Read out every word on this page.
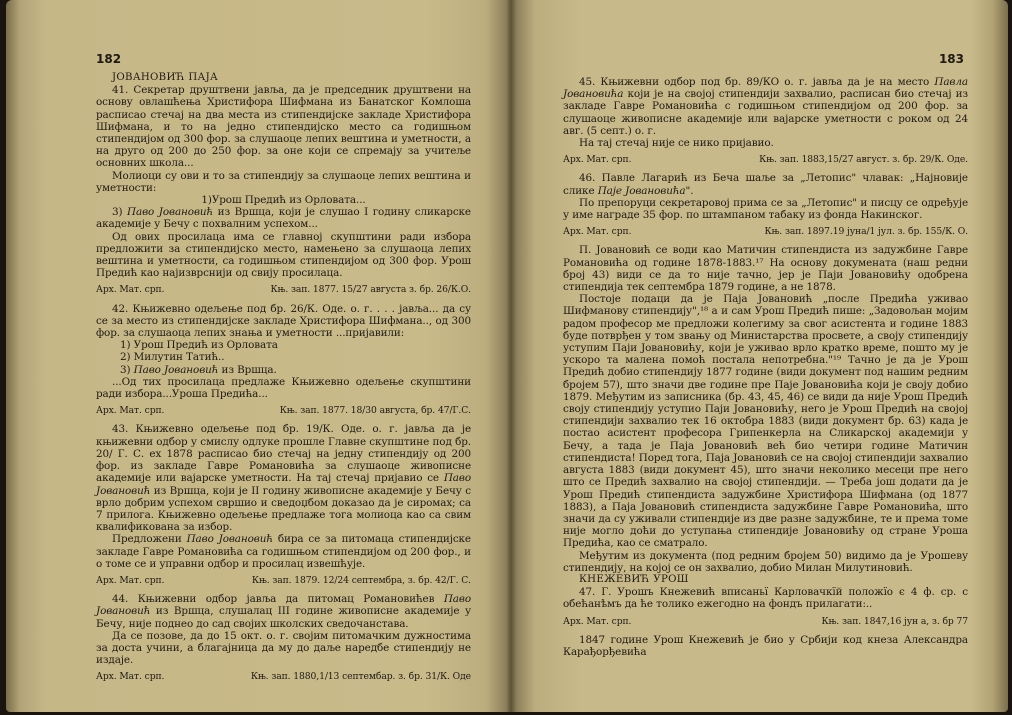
182

ЈОВАНОВИЋ ПАЈА

41. Секретар друштвени јавља, да је председник друштвени на основу овлашћења Христифора Шифмана из Банатског Комлоша расписао стечај на два места из стипендијске закладе Христифора Шифмана, и то на једно стипендијско место са годишњом стипендијом од 300 фор. за слушаоце лепих вештина и уметности, а на друго од 200 до 250 фор. за оне који се спремају за учитеље основних школа...

Молиоци су ови и то за стипендију за слушаоце лепих вештина и уметности:

1)Урош Предић из Орловата...

3) Паво Јовановић из Вршца, који је слушао I годину сликарске академије у Бечу с похвалним успехом...

Од ових просилаца има се главној скупштини ради избора предложити за стипендијско место, намењено за слушаоца лепих вештина и уметности, са годишњом стипендијом од 300 фор. Урош Предић као најизврснији од свију просилаца.

Арх. Мат. срп.	Књ. зап. 1877. 15/27 августа з. бр. 26/К.О.

42. Књижевно одељење под бр. 26/К. Оде. о. г. . . . јавља... да су се за место из стипендијске закладе Христифора Шифмана.., од 300 фор. за слушаоца лепих знања и уметности ...пријавили:

1) Урош Предић из Орловата

2) Милутин Татић..

3) Паво Јовановић из Вршца.

...Од тих просилаца предлаже Књижевно одељење скупштини ради избора...Уроша Предића...

Арх. Мат. срп.	Књ. зап. 1877. 18/30 августа, бр. 47/Г.С.

43. Књижевно одељење под бр. 19/К. Оде. о. г. јавља да је књижевни одбор у смислу одлуке прошле Главне скупштине под бр. 20/ Г. С. ex 1878 расписао био стечај на једну стипендију од 200 фор. из закладе Гавре Романовића за слушаоце живописне академије или вајарске уметности. На тај стечај пријавио се Паво Јовановић из Вршца, који је II годину живописне академије у Бечу с врло добрим успехом свршио и сведоџбом доказао да је сиромах; са 7 прилога. Књижевно одељење предлаже тога молиоца као са свим квалификована за избор.

Предложени Паво Јовановић бира се за питомаца стипендијске закладе Гавре Романовића са годишњом стипендијом од 200 фор., и о томе се и управни одбор и просилац извешћује.

Арх. Мат. срп.	Књ. зап. 1879. 12/24 септембра, з. бр. 42/Г. С.

44. Књижевни одбор јавља да питомац Романовићев Паво Јовановић из Вршца, слушалац III године живописне академије у Бечу, није поднео до сад својих школских сведочанстава.

Да се позове, да до 15 окт. о. г. својим питомачким дужностима за доста учини, а благајница да му до даље наредбе стипендију не издаје.

Арх. Мат. срп.	Књ. зап. 1880,1/13 септембар. з. бр. 31/К. Оде
183

45. Књижевни одбор под бр. 89/КО о. г. јавља да је на место Павла Јовановића који је на својој стипендији захвалио, расписан био стечај из закладе Гавре Романовића с годишњом стипендијом од 200 фор. за слушаоце живописне академије или вајарске уметности с роком од 24 авг. (5 септ.) о. г.

На тај стечај није се нико пријавио.

Арх. Мат. срп.	Књ. зап. 1883,15/27 август. з. бр. 29/К. Оде.

46. Павле Лагарић из Беча шаље за „Летопис" члавак: „Најновије слике Паје Јовановића".

По препоруци секретаровој прима се за „Летопис" и писцу се одређује у име награде 35 фор. по штампаном табаку из фонда Накинског.

Арх. Мат. срп.	Књ. зап. 1897.19 јуна/1 јул. з. бр. 155/К. О.

П. Јовановић се води као Матичин стипендиста из задужбине Гавре Романовића од године 1878-1883.¹⁷ На основу докумената (наш редни број 43) види се да то није тачно, јер је Паји Јовановићу одобрена стипендија тек септембра 1879 године, а не 1878.

Постоје подаци да је Паја Јовановић „после Предића уживао Шифманову стипендију",¹⁸ а и сам Урош Предић пише: „Задовољан мојим радом професор ме предложи колегиму за свог асистента и године 1883 буде потврђен у том звању од Министарства просвете, а своју стипендију уступим Паји Јовановићу, који је уживао врло кратко време, пошто му је ускоро та малена помоћ постала непотребна."¹⁹ Тачно је да је Урош Предић добио стипендију 1877 године (види документ под нашим редним бројем 57), што значи две године пре Паје Јовановића који је своју добио 1879. Међутим из записника (бр. 43, 45, 46) се види да није Урош Предић своју стипендију уступио Паји Јовановићу, него је Урош Предић на својој стипендији захвалио тек 16 октобра 1883 (види документ бр. 63) када је постао асистент професора Грипенкерла на Сликарској академији у Бечу, а тада је Паја Јовановић већ био четири године Матичин стипендиста! Поред тога, Паја Јовановић се на својој стипендији захвалио августа 1883 (види документ 45), што значи неколико месеци пре него што се Предић захвалио на својој стипендији. — Треба још додати да је Урош Предић стипендиста задужбине Христифора Шифмана (од 1877 1883), а Паја Јовановић стипендиста задужбине Гавре Романовића, што значи да су уживали стипендије из две разне задужбине, те и према томе није могло доћи до уступања стипендије Јовановићу од стране Уроша Предића, као се сматрало.

Међутим из документа (под редним бројем 50) видимо да је Урошеву стипендију, на којој се он захвалио, добио Милан Милутиновић.

КНЕЖЕВИЋ УРОШ

47. Г. Урошъ Кнежевић вписаньї Карловачкїй положїо є 4 ф. ср. с обећанѣмъ да ће толико ежегодно на фондъ прилагати:..

Арх. Мат. срп.	Књ. зап. 1847,16 јун а, з. бр 77

1847 године Урош Кнежевић је био у Србији код кнеза Александра Карађорђевића
